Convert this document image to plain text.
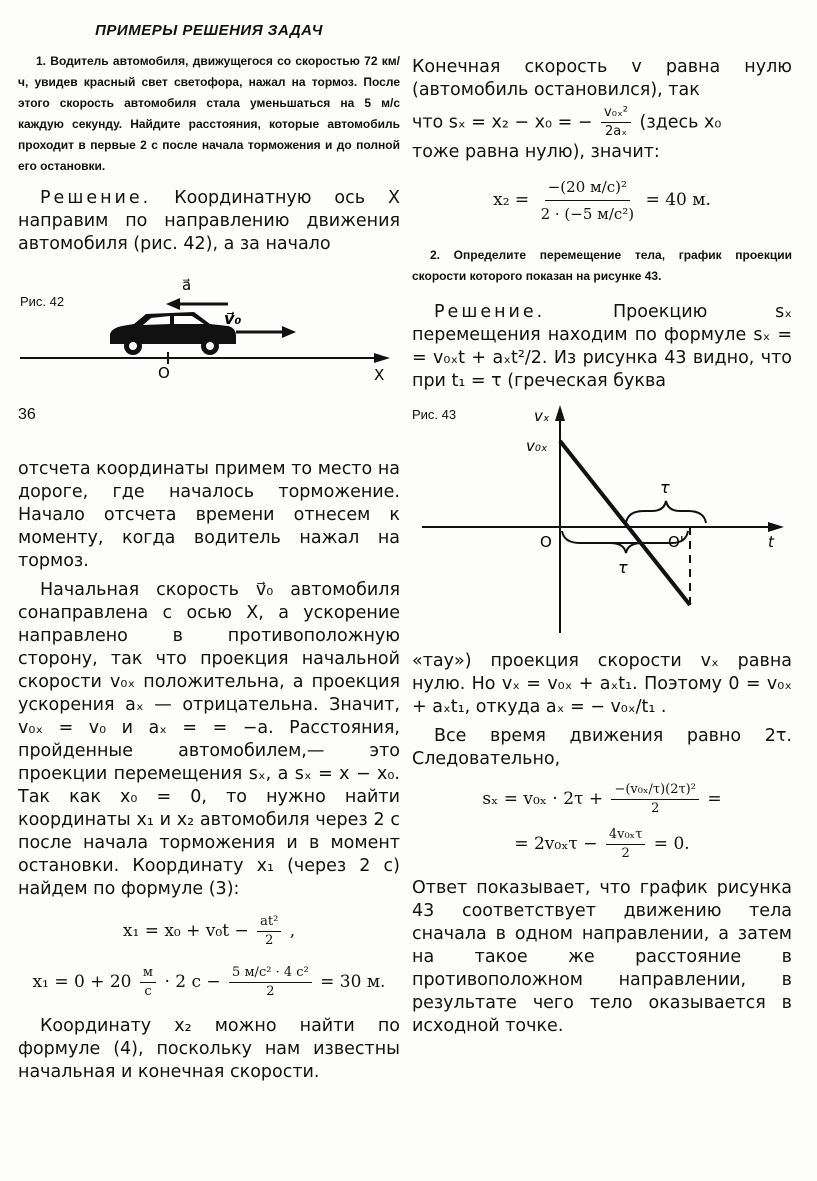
ПРИМЕРЫ РЕШЕНИЯ ЗАДАЧ

1. Водитель автомобиля, движущегося со скоростью 72 км/ч, увидев красный свет светофора, нажал на тормоз. После этого скорость автомобиля стала уменьшаться на 5 м/с каждую секунду. Найдите расстояния, которые автомобиль проходит в первые 2 с после начала торможения и до полной его остановки.

Решение. Координатную ось X направим по направлению движения автомобиля (рис. 42), а за начало

Рис. 42
a⃗
v⃗₀
O	X
36

отсчета координаты примем то место на дороге, где началось торможение. Начало отсчета времени отнесем к моменту, когда водитель нажал на тормоз.

Начальная скорость v⃗₀ автомобиля сонаправлена с осью X, а ускорение направлено в противоположную сторону, так что проекция начальной скорости v₀ₓ положительна, а проекция ускорения aₓ — отрицательна. Значит, v₀ₓ = v₀ и aₓ = = −a. Расстояния, пройденные автомобилем,— это проекции перемещения sₓ, а sₓ = x − x₀. Так как x₀ = 0, то нужно найти координаты x₁ и x₂ автомобиля через 2 с после начала торможения и в момент остановки. Координату x₁ (через 2 с) найдем по формуле (3):

$x_1 = x_0 + v_0t - \frac{\text{at²}}{2}$ ,
$x_1 = 0 + 20 \frac{м}{с} \cdot 2$ $с - \frac{\text{5 м/с² · 4 с²}}{2} = 30$ м.

Координату x₂ можно найти по формуле (4), поскольку нам известны начальная и конечная скорости.

Конечная скорость v равна нулю (автомобиль остановился), так

что sₓ = x₂ − x₀ = − $\frac{\text{v₀ₓ²}}{\text{2aₓ}}$ (здесь x₀

тоже равна нулю), значит:

$x_2 = \frac{\text{−(20 м/с)²}}{\text{2 · (−5 м/с²)}} = 40$ м.

2. Определите перемещение тела, график проекции скорости которого показан на рисунке 43.

Решение.	Проекцию sₓ перемещения находим по формуле sₓ = = v₀ₓt + aₓt²/2. Из рисунка 43 видно, что при t₁ = τ (греческая буква

Рис. 43	vₓ
t
v₀ₓ
O	O'
τ
τ

«тау») проекция скорости vₓ равна нулю. Но vₓ = v₀ₓ + aₓt₁. Поэтому 0 = v₀ₓ + aₓt₁, откуда aₓ = − v₀ₓ/t₁ .

Все время движения равно 2τ. Следовательно,

$s_x = v_{0x} \cdot 2\tau + \frac{\text{−(v₀ₓ/τ)(2τ)²}}{2}$ =
= $2v_{0x}\tau - \frac{\text{4v₀ₓτ}}{2} = 0$.

Ответ показывает, что график рисунка 43 соответствует движению тела сначала в одном направлении, а затем на такое же расстояние в противоположном направлении, в результате чего тело оказывается в исходной точке.
